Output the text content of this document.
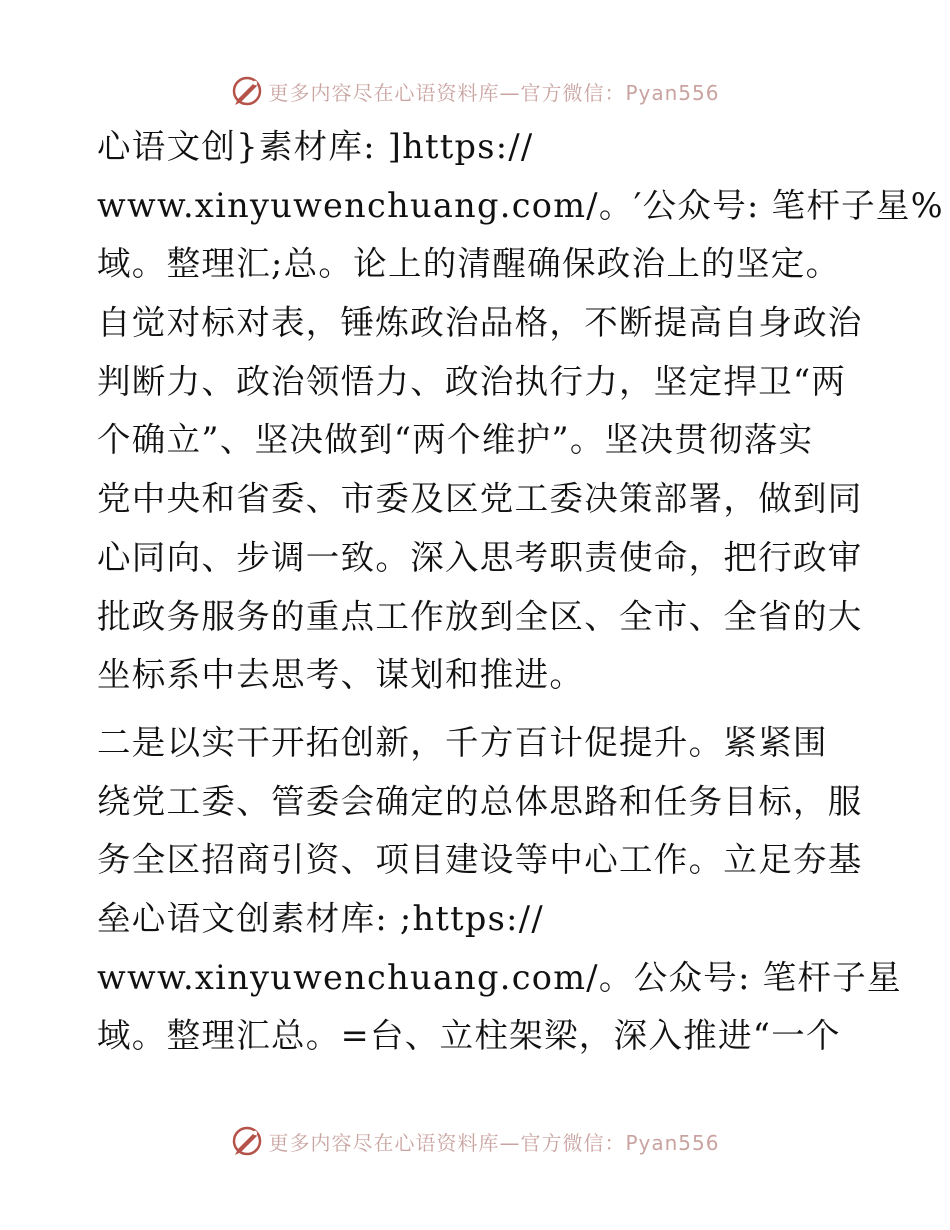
更多内容尽在心语资料库—官方微信：Pyan556
心语文创}素材库: ]https://
www.xinyuwenchuang.com/。′公众号: 笔杆子星%
域。整理汇;总。论上的清醒确保政治上的坚定。
自觉对标对表，锤炼政治品格，不断提高自身政治
判断力、政治领悟力、政治执行力，坚定捍卫“两
个确立”、坚决做到“两个维护”。坚决贯彻落实
党中央和省委、市委及区党工委决策部署，做到同
心同向、步调一致。深入思考职责使命，把行政审
批政务服务的重点工作放到全区、全市、全省的大
坐标系中去思考、谋划和推进。
二是以实干开拓创新，千方百计促提升。紧紧围
绕党工委、管委会确定的总体思路和任务目标，服
务全区招商引资、项目建设等中心工作。立足夯基
垒心语文创素材库: ;https://
www.xinyuwenchuang.com/。公众号: 笔杆子星
域。整理汇总。=台、立柱架梁，深入推进“一个
更多内容尽在心语资料库—官方微信：Pyan556
